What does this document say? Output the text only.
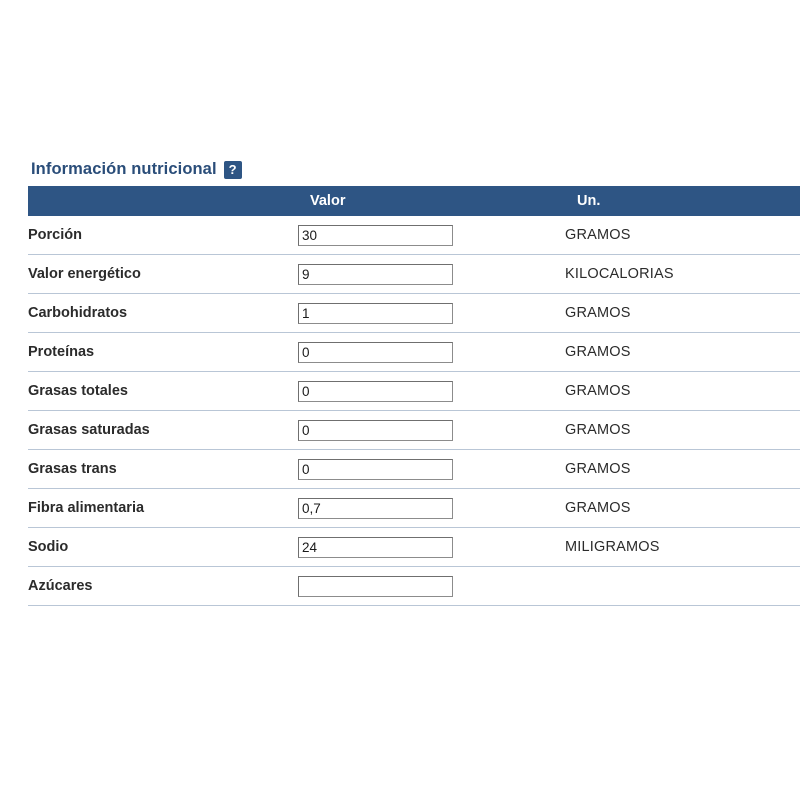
Información nutricional ?
	Valor	Un.
Porción	30	GRAMOS
Valor energético	9	KILOCALORIAS
Carbohidratos	1	GRAMOS
Proteínas	0	GRAMOS
Grasas totales	0	GRAMOS
Grasas saturadas	0	GRAMOS
Grasas trans	0	GRAMOS
Fibra alimentaria	0,7	GRAMOS
Sodio	24	MILIGRAMOS
Azúcares		
